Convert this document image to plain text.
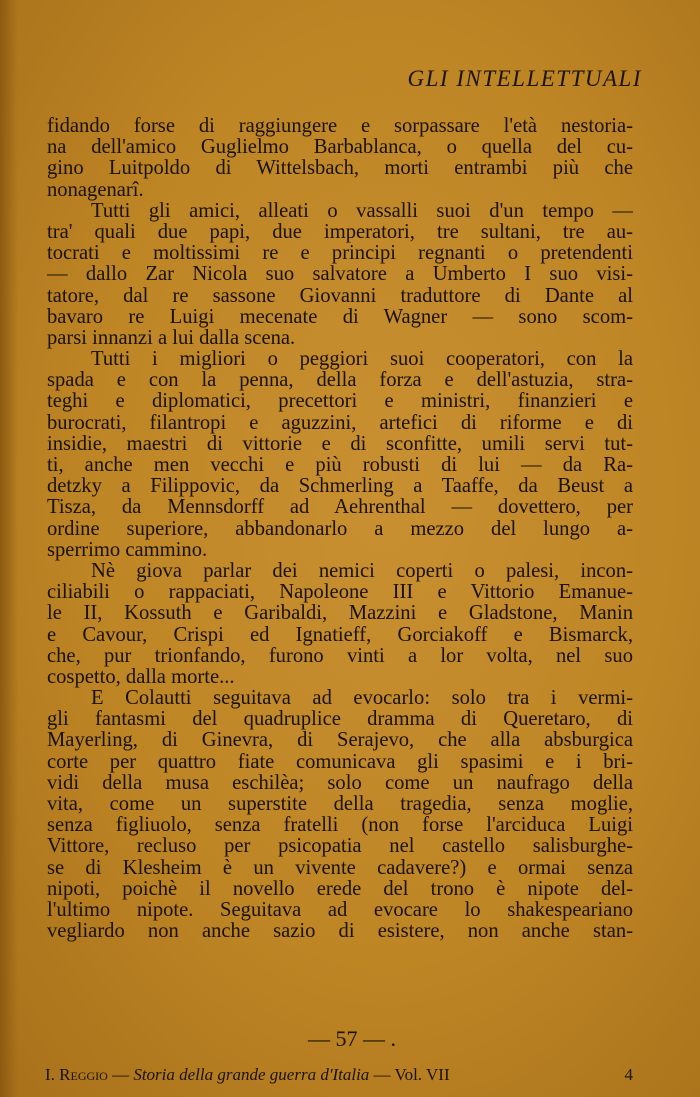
GLI INTELLETTUALI
fidando forse di raggiungere e sorpassare l'età nestoria-
na dell'amico Guglielmo Barbablanca, o quella del cu-
gino Luitpoldo di Wittelsbach, morti entrambi più che
nonagenarî.
Tutti gli amici, alleati o vassalli suoi d'un tempo —
tra' quali due papi, due imperatori, tre sultani, tre au-
tocrati e moltissimi re e principi regnanti o pretendenti
— dallo Zar Nicola suo salvatore a Umberto I suo visi-
tatore, dal re sassone Giovanni traduttore di Dante al
bavaro re Luigi mecenate di Wagner — sono scom-
parsi innanzi a lui dalla scena.
Tutti i migliori o peggiori suoi cooperatori, con la
spada e con la penna, della forza e dell'astuzia, stra-
teghi e diplomatici, precettori e ministri, finanzieri e
burocrati, filantropi e aguzzini, artefici di riforme e di
insidie, maestri di vittorie e di sconfitte, umili servi tut-
ti, anche men vecchi e più robusti di lui — da Ra-
detzky a Filippovic, da Schmerling a Taaffe, da Beust a
Tisza, da Mennsdorff ad Aehrenthal — dovettero, per
ordine superiore, abbandonarlo a mezzo del lungo a-
sperrimo cammino.
Nè giova parlar dei nemici coperti o palesi, incon-
ciliabili o rappaciati, Napoleone III e Vittorio Emanue-
le II, Kossuth e Garibaldi, Mazzini e Gladstone, Manin
e Cavour, Crispi ed Ignatieff, Gorciakoff e Bismarck,
che, pur trionfando, furono vinti a lor volta, nel suo
cospetto, dalla morte...
E Colautti seguitava ad evocarlo: solo tra i vermi-
gli fantasmi del quadruplice dramma di Queretaro, di
Mayerling, di Ginevra, di Serajevo, che alla absburgica
corte per quattro fiate comunicava gli spasimi e i bri-
vidi della musa eschilèa; solo come un naufrago della
vita, come un superstite della tragedia, senza moglie,
senza figliuolo, senza fratelli (non forse l'arciduca Luigi
Vittore, recluso per psicopatia nel castello salisburghe-
se di Klesheim è un vivente cadavere?) e ormai senza
nipoti, poichè il novello erede del trono è nipote del-
l'ultimo nipote. Seguitava ad evocare lo shakespeariano
vegliardo non anche sazio di esistere, non anche stan-
— 57 — .
I. Reggio — Storia della grande guerra d'Italia — Vol. VII	4
